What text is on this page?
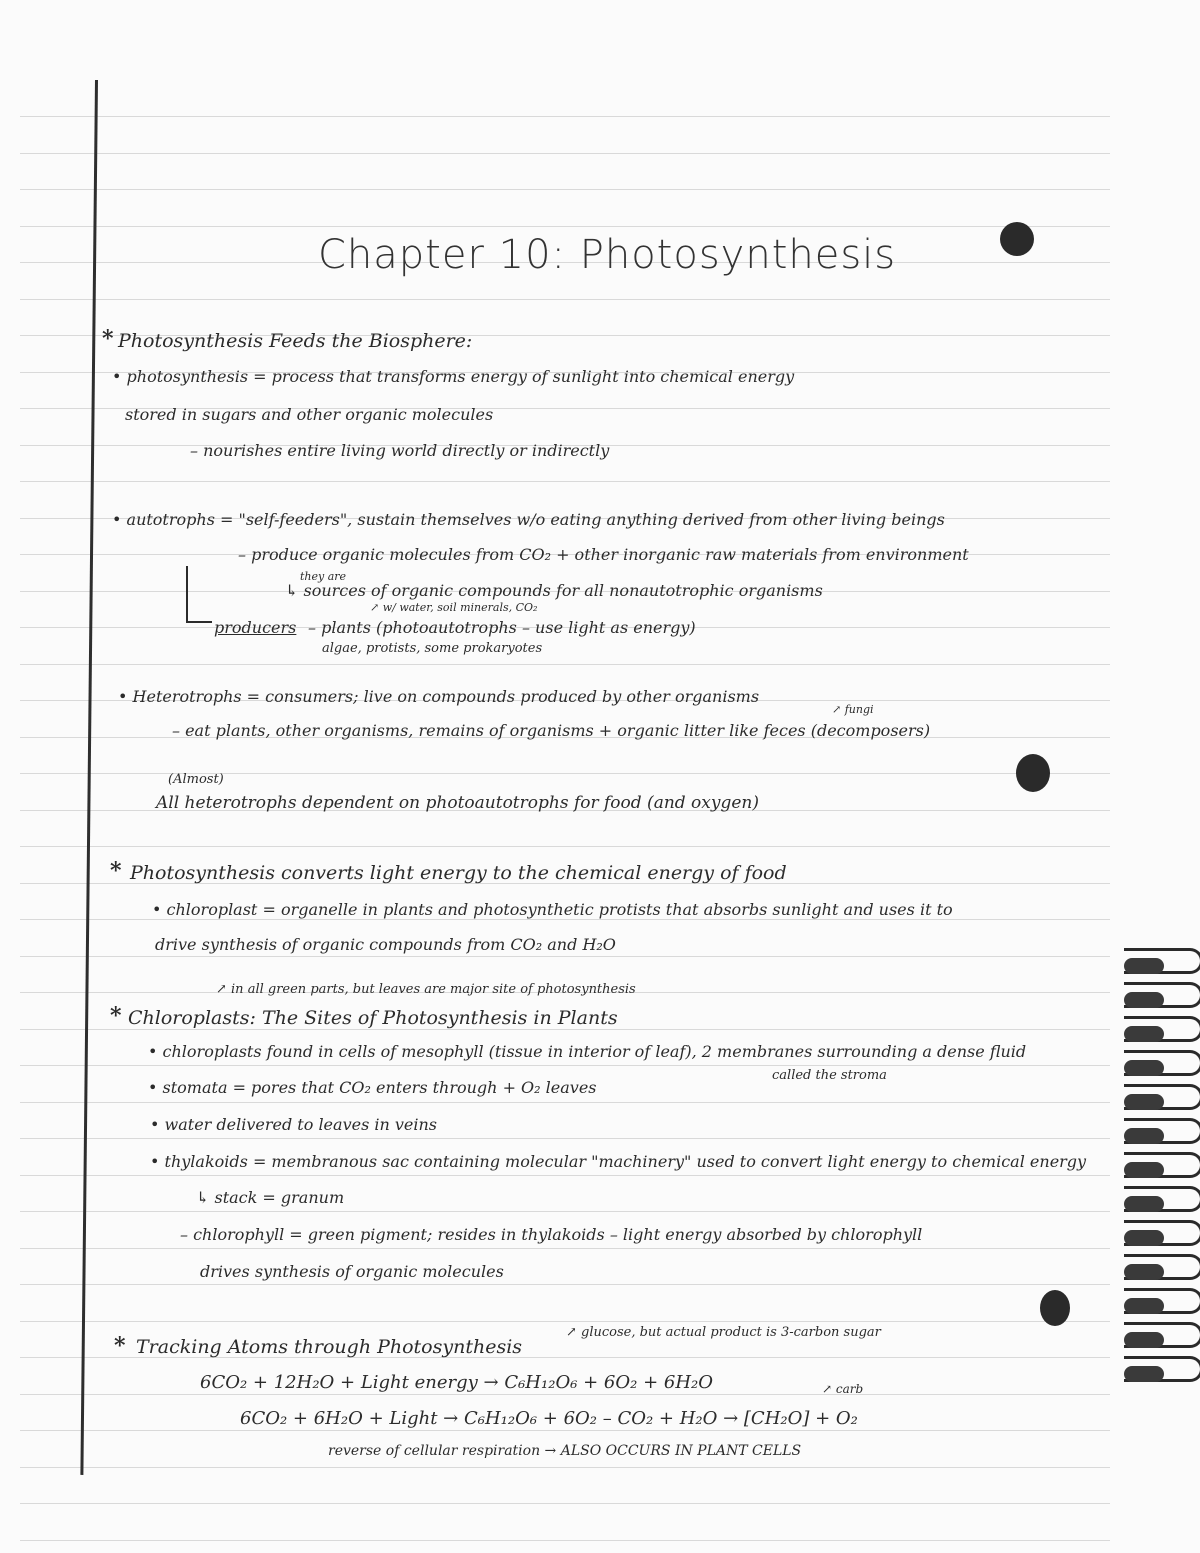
Chapter 10: Photosynthesis
* Photosynthesis Feeds the Biosphere:
• photosynthesis = process that transforms energy of sunlight into chemical energy
stored in sugars and other organic molecules
– nourishes entire living world directly or indirectly
• autotrophs = "self-feeders", sustain themselves w/o eating anything derived from other living beings
– produce organic molecules from CO₂ + other inorganic raw materials from environment
they are
↳ sources of organic compounds for all nonautotrophic organisms
↗ w/ water, soil minerals, CO₂
producers – plants (photoautotrophs – use light as energy)
algae, protists, some prokaryotes
• Heterotrophs = consumers; live on compounds produced by other organisms
↗ fungi
– eat plants, other organisms, remains of organisms + organic litter like feces (decomposers)
(Almost)
All heterotrophs dependent on photoautotrophs for food (and oxygen)
* Photosynthesis converts light energy to the chemical energy of food
• chloroplast = organelle in plants and photosynthetic protists that absorbs sunlight and uses it to
drive synthesis of organic compounds from CO₂ and H₂O
↗ in all green parts, but leaves are major site of photosynthesis
* Chloroplasts: The Sites of Photosynthesis in Plants
• chloroplasts found in cells of mesophyll (tissue in interior of leaf), 2 membranes surrounding a dense fluid
called the stroma
• stomata = pores that CO₂ enters through + O₂ leaves
• water delivered to leaves in veins
• thylakoids = membranous sac containing molecular "machinery" used to convert light energy to chemical energy
↳ stack = granum
– chlorophyll = green pigment; resides in thylakoids – light energy absorbed by chlorophyll
drives synthesis of organic molecules
* Tracking Atoms through Photosynthesis
↗ glucose, but actual product is 3-carbon sugar
6CO₂ + 12H₂O + Light energy → C₆H₁₂O₆ + 6O₂ + 6H₂O	↗ carb
6CO₂ + 6H₂O + Light → C₆H₁₂O₆ + 6O₂ – CO₂ + H₂O → [CH₂O] + O₂
reverse of cellular respiration → ALSO OCCURS IN PLANT CELLS
